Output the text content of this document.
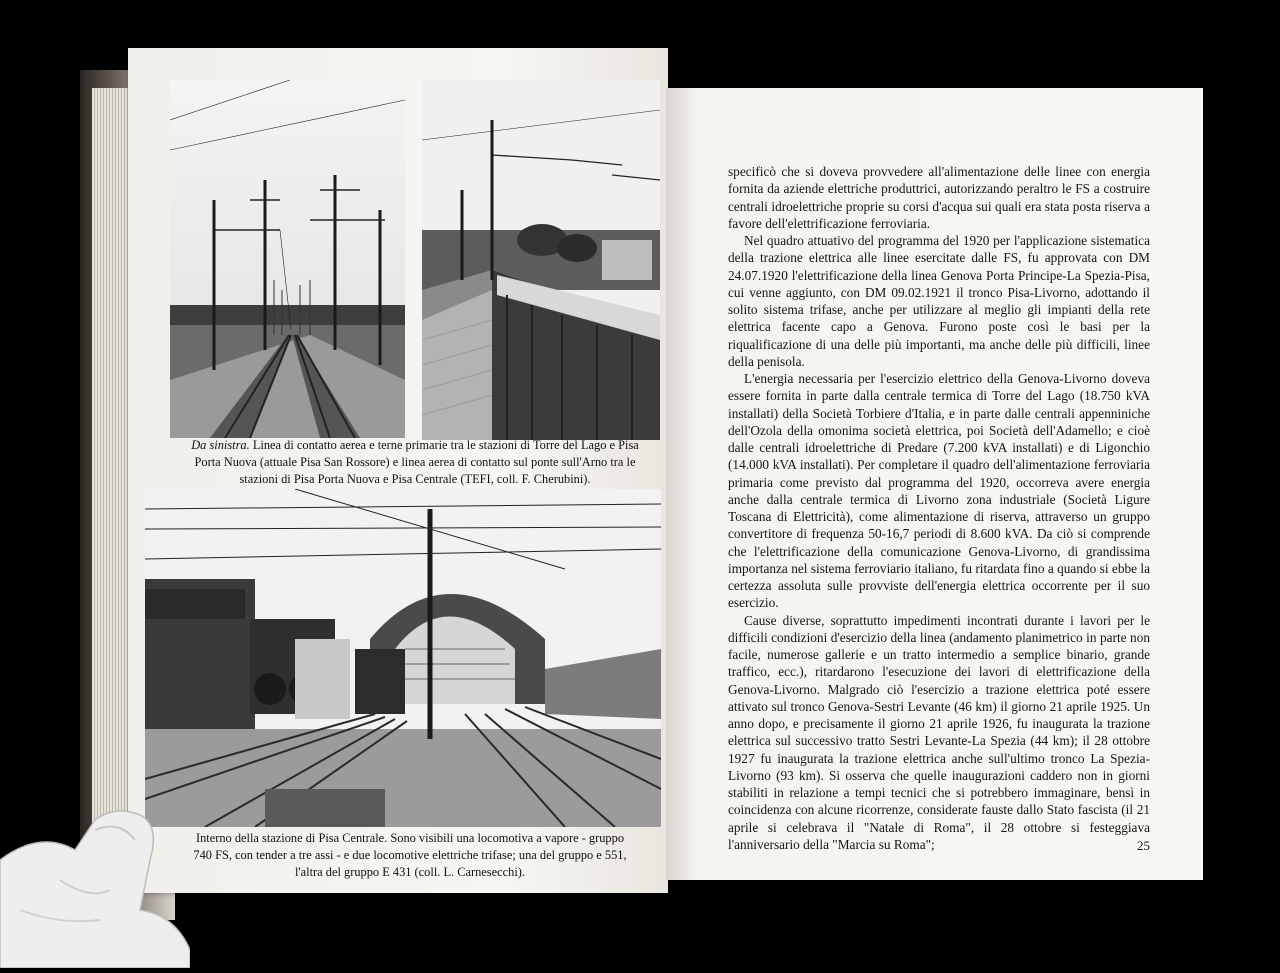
Da sinistra. Linea di contatto aerea e terne primarie tra le stazioni di Torre del Lago e Pisa Porta Nuova (attuale Pisa San Rossore) e linea aerea di contatto sul ponte sull'Arno tra le stazioni di Pisa Porta Nuova e Pisa Centrale (TEFI, coll. F. Cherubini).
Interno della stazione di Pisa Centrale. Sono visibili una locomotiva a vapore - gruppo 740 FS, con tender a tre assi - e due locomotive elettriche trifase; una del gruppo e 551, l'altra del gruppo E 431 (coll. L. Carnesecchi).

specificò che si doveva provvedere all'alimentazione delle linee con energia fornita da aziende elettriche produttrici, autorizzando peraltro le FS a costruire centrali idroelettriche proprie su corsi d'acqua sui quali era stata posta riserva a favore dell'elettrificazione ferroviaria.

Nel quadro attuativo del programma del 1920 per l'applicazione sistematica della trazione elettrica alle linee esercitate dalle FS, fu approvata con DM 24.07.1920 l'elettrificazione della linea Genova Porta Principe-La Spezia-Pisa, cui venne aggiunto, con DM 09.02.1921 il tronco Pisa-Livorno, adottando il solito sistema trifase, anche per utilizzare al meglio gli impianti della rete elettrica facente capo a Genova. Furono poste così le basi per la riqualificazione di una delle più importanti, ma anche delle più difficili, linee della penisola.

L'energia necessaria per l'esercizio elettrico della Genova-Livorno doveva essere fornita in parte dalla centrale termica di Torre del Lago (18.750 kVA installati) della Società Torbiere d'Italia, e in parte dalle centrali appenniniche dell'Ozola della omonima società elettrica, poi Società dell'Adamello; e cioè dalle centrali idroelettriche di Predare (7.200 kVA installati) e di Ligonchio (14.000 kVA installati). Per completare il quadro dell'alimentazione ferroviaria primaria come previsto dal programma del 1920, occorreva avere energia anche dalla centrale termica di Livorno zona industriale (Società Ligure Toscana di Elettricità), come alimentazione di riserva, attraverso un gruppo convertitore di frequenza 50-16,7 periodi di 8.600 kVA. Da ciò si comprende che l'elettrificazione della comunicazione Genova-Livorno, di grandissima importanza nel sistema ferroviario italiano, fu ritardata fino a quando si ebbe la certezza assoluta sulle provviste dell'energia elettrica occorrente per il suo esercizio.

Cause diverse, soprattutto impedimenti incontrati durante i lavori per le difficili condizioni d'esercizio della linea (andamento planimetrico in parte non facile, numerose gallerie e un tratto intermedio a semplice binario, grande traffico, ecc.), ritardarono l'esecuzione dei lavori di elettrificazione della Genova-Livorno. Malgrado ciò l'esercizio a trazione elettrica poté essere attivato sul tronco Genova-Sestri Levante (46 km) il giorno 21 aprile 1925. Un anno dopo, e precisamente il giorno 21 aprile 1926, fu inaugurata la trazione elettrica sul successivo tratto Sestri Levante-La Spezia (44 km); il 28 ottobre 1927 fu inaugurata la trazione elettrica anche sull'ultimo tronco La Spezia-Livorno (93 km). Si osserva che quelle inaugurazioni caddero non in giorni stabiliti in relazione a tempi tecnici che si potrebbero immaginare, bensì in coincidenza con alcune ricorrenze, considerate fauste dallo Stato fascista (il 21 aprile si celebrava il "Natale di Roma", il 28 ottobre si festeggiava l'anniversario della "Marcia su Roma";	25
